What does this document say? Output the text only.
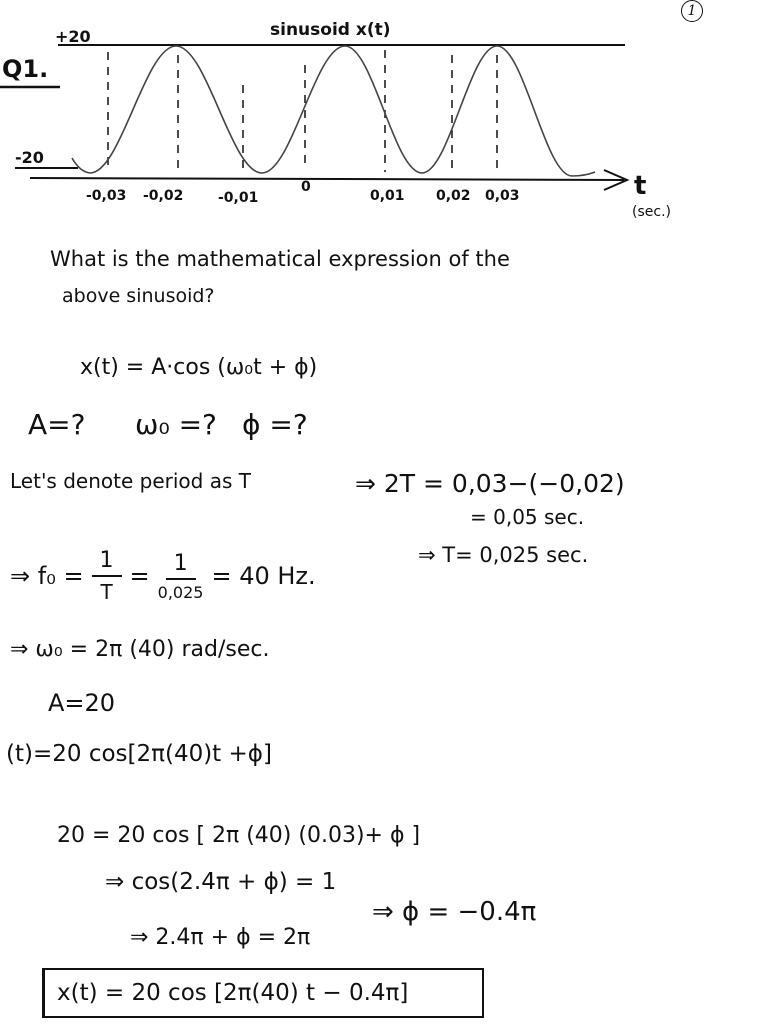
1
Q1.
sinusoid x(t)
+20
-20
t
(sec.)
-0,03 -0,02 -0,01
0
0,01 0,02 0,03
What is the mathematical expression of the
above sinusoid?
x(t) = A·cos (ω₀t + ϕ)
A=? ω₀ =? ϕ =?
Let's denote period as T	⇒ 2T = 0,03−(−0,02)
= 0,05 sec.
⇒ T= 0,025 sec.
⇒ $f_0 = \frac{1}{T} = \frac{1}{0,025} = 40$ Hz.
⇒ ω₀ = 2π (40) rad/sec.
A=20
(t)=20 cos[2π(40)t +ϕ]
20 = 20 cos [ 2π (40) (0.03)+ ϕ ]
⇒ cos(2.4π + ϕ) = 1
⇒ ϕ = −0.4π
⇒ 2.4π + ϕ = 2π
x(t) = 20 cos [2π(40) t − 0.4π]
